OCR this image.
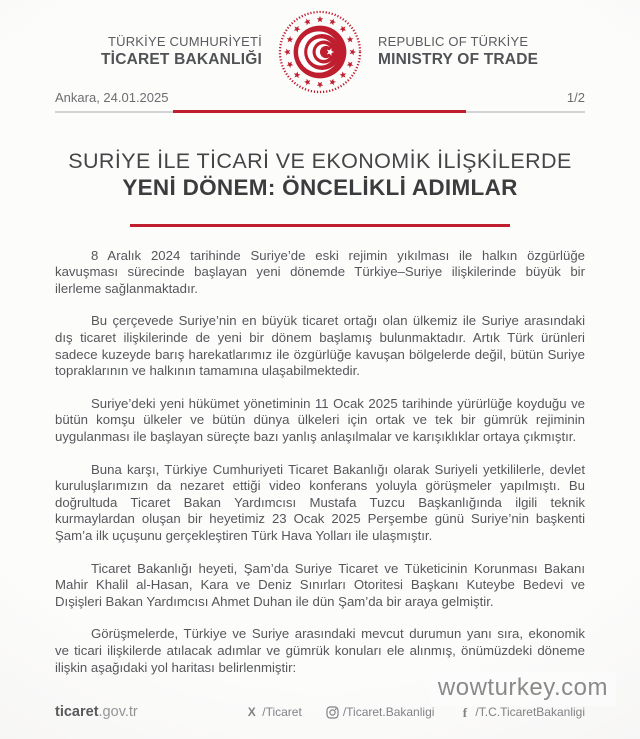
TÜRKİYE CUMHURİYETİ
TİCARET BAKANLIĞI
REPUBLIC OF TÜRKİYE
MINISTRY OF TRADE
Ankara, 24.01.2025	1/2
SURİYE İLE TİCARİ VE EKONOMİK İLİŞKİLERDE
YENİ DÖNEM: ÖNCELİKLİ ADIMLAR

8 Aralık 2024 tarihinde Suriye’de eski rejimin yıkılması ile halkın özgürlüğe kavuşması sürecinde başlayan yeni dönemde Türkiye–Suriye ilişkilerinde büyük bir ilerleme sağlanmaktadır.

Bu çerçevede Suriye’nin en büyük ticaret ortağı olan ülkemiz ile Suriye arasındaki dış ticaret ilişkilerinde de yeni bir dönem başlamış bulunmaktadır. Artık Türk ürünleri sadece kuzeyde barış harekatlarımız ile özgürlüğe kavuşan bölgelerde değil, bütün Suriye topraklarının ve halkının tamamına ulaşabilmektedir.

Suriye’deki yeni hükümet yönetiminin 11 Ocak 2025 tarihinde yürürlüğe koyduğu ve bütün komşu ülkeler ve bütün dünya ülkeleri için ortak ve tek bir gümrük rejiminin uygulanması ile başlayan süreçte bazı yanlış anlaşılmalar ve karışıklıklar ortaya çıkmıştır.

Buna karşı, Türkiye Cumhuriyeti Ticaret Bakanlığı olarak Suriyeli yetkililerle, devlet kuruluşlarımızın da nezaret ettiği video konferans yoluyla görüşmeler yapılmıştı. Bu doğrultuda Ticaret Bakan Yardımcısı Mustafa Tuzcu Başkanlığında ilgili teknik kurmaylardan oluşan bir heyetimiz 23 Ocak 2025 Perşembe günü Suriye’nin başkenti Şam’a ilk uçuşunu gerçekleştiren Türk Hava Yolları ile ulaşmıştır.

Ticaret Bakanlığı heyeti, Şam’da Suriye Ticaret ve Tüketicinin Korunması Bakanı Mahir Khalil al-Hasan, Kara ve Deniz Sınırları Otoritesi Başkanı Kuteybe Bedevi ve Dışişleri Bakan Yardımcısı Ahmet Duhan ile dün Şam’da bir araya gelmiştir.

Görüşmelerde, Türkiye ve Suriye arasındaki mevcut durumun yanı sıra, ekonomik ve ticari ilişkilerde atılacak adımlar ve gümrük konuları ele alınmış, önümüzdeki döneme ilişkin aşağıdaki yol haritası belirlenmiştir:

wowturkey.com
ticaret.gov.tr	X /Ticaret	/Ticaret.Bakanligi	f /T.C.TicaretBakanligi
